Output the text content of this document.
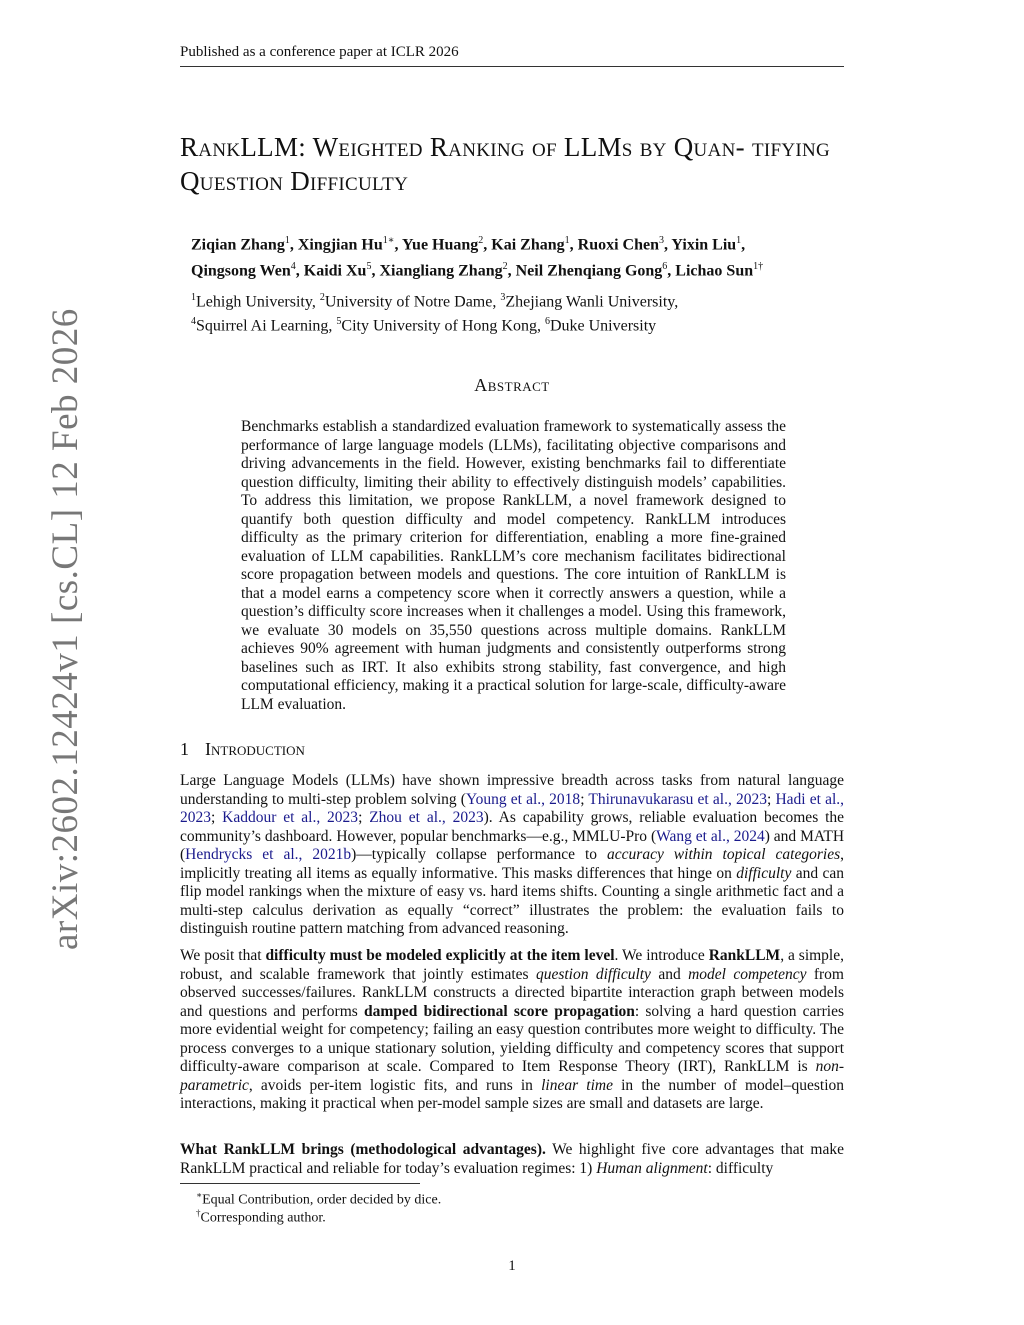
Published as a conference paper at ICLR 2026
RankLLM: Weighted Ranking of LLMs by Quan- tifying Question Difficulty
Ziqian Zhang$^1$, Xingjian $Hu^{1∗}$, Yue Huang$^2$, Kai Zhang$^1$, Ruoxi Chen$^3$, Yixin Liu$^1$,
Qingsong Wen$^4$, Kaidi Xu$^5$, Xiangliang Zhang$^2$, Neil Zhenqiang Gong$^6$, Lichao Sun$^{1\dagger}$
$^1$Lehigh University, $^2$University of Notre Dame, $^3$Zhejiang Wanli University,
$^4$Squirrel Ai Learning, $^5$City University of Hong Kong, $^6$Duke University
Abstract

Benchmarks establish a standardized evaluation framework to systematically assess the performance of large language models (LLMs), facilitating objective comparisons and driving advancements in the field. However, existing benchmarks fail to differentiate question difficulty, limiting their ability to effectively distinguish models’ capabilities. To address this limitation, we propose RankLLM, a novel framework designed to quantify both question difficulty and model competency. RankLLM introduces difficulty as the primary criterion for differentiation, enabling a more fine-grained evaluation of LLM capabilities. RankLLM’s core mechanism facilitates bidirectional score propagation between models and questions. The core intuition of RankLLM is that a model earns a competency score when it correctly answers a question, while a question’s difficulty score increases when it challenges a model. Using this framework, we evaluate 30 models on 35,550 questions across multiple domains. RankLLM achieves 90% agreement with human judgments and consistently outperforms strong baselines such as IRT. It also exhibits strong stability, fast convergence, and high computational efficiency, making it a practical solution for large-scale, difficulty-aware LLM evaluation.

1 Introduction

Large Language Models (LLMs) have shown impressive breadth across tasks from natural language understanding to multi-step problem solving (Young et al., 2018; Thirunavukarasu et al., 2023; Hadi et al., 2023; Kaddour et al., 2023; Zhou et al., 2023). As capability grows, reliable evaluation becomes the community’s dashboard. However, popular benchmarks—e.g., MMLU-Pro (Wang et al., 2024) and MATH (Hendrycks et al., 2021b)—typically collapse performance to accuracy within topical categories, implicitly treating all items as equally informative. This masks differences that hinge on difficulty and can flip model rankings when the mixture of easy vs. hard items shifts. Counting a single arithmetic fact and a multi-step calculus derivation as equally “correct” illustrates the problem: the evaluation fails to distinguish routine pattern matching from advanced reasoning.

We posit that difficulty must be modeled explicitly at the item level. We introduce RankLLM, a simple, robust, and scalable framework that jointly estimates question difficulty and model competency from observed successes/failures. RankLLM constructs a directed bipartite interaction graph between models and questions and performs damped bidirectional score propagation: solving a hard question carries more evidential weight for competency; failing an easy question contributes more weight to difficulty. The process converges to a unique stationary solution, yielding difficulty and competency scores that support difficulty-aware comparison at scale. Compared to Item Response Theory (IRT), RankLLM is non-parametric, avoids per-item logistic fits, and runs in linear time in the number of model–question interactions, making it practical when per-model sample sizes are small and datasets are large.

What RankLLM brings (methodological advantages). We highlight five core advantages that make RankLLM practical and reliable for today’s evaluation regimes: 1) Human alignment: difficulty

∗Equal Contribution, order decided by dice.
†Corresponding author.
1
arXiv:2602.12424v1 [cs.CL] 12 Feb 2026
